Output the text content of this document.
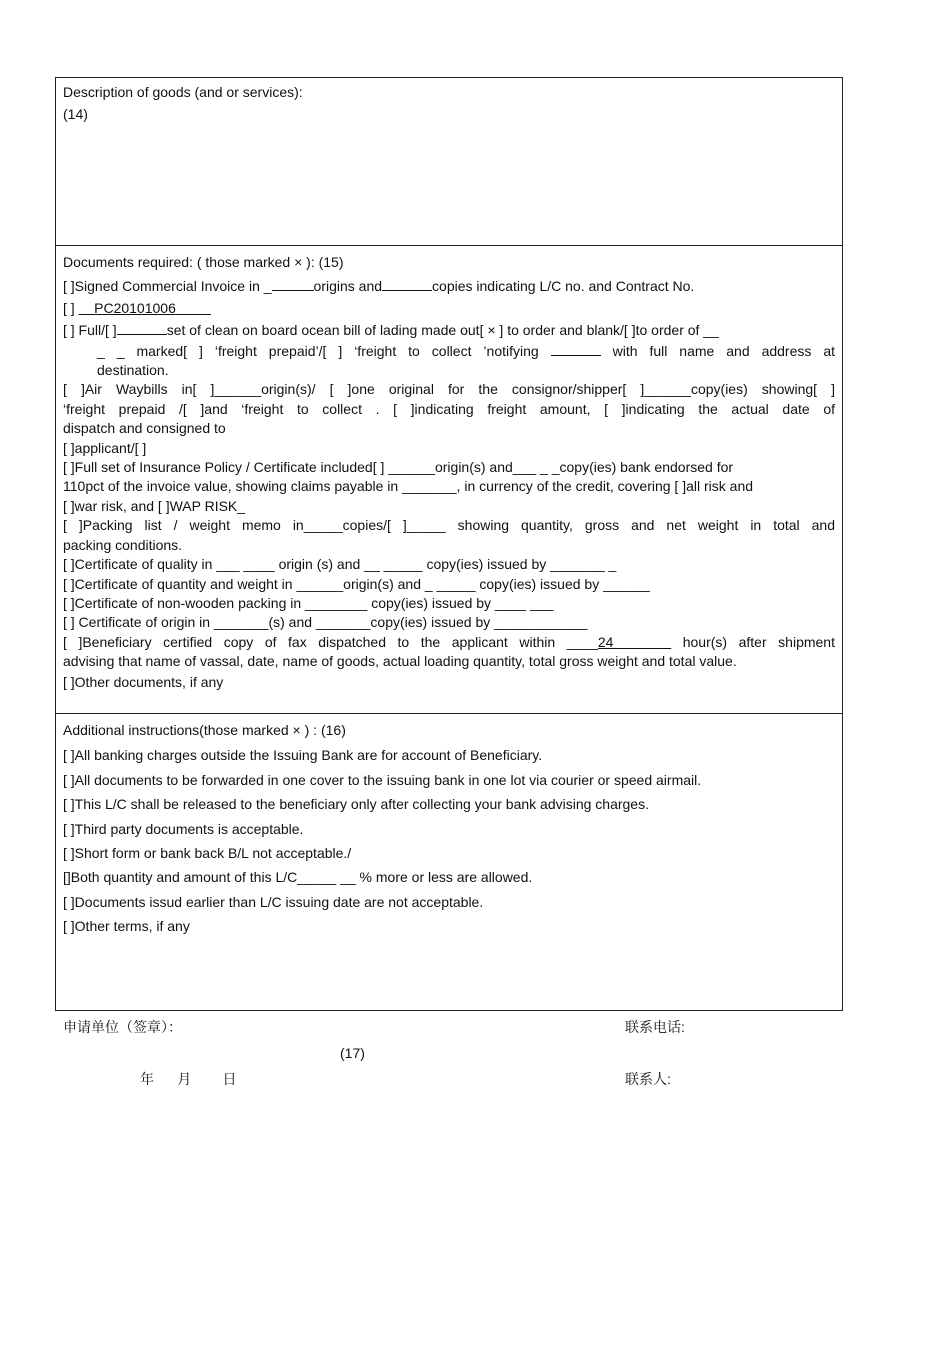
Description of goods (and or services):
(14)
Documents required: ( those marked × ): (15)
[ ]Signed Commercial Invoice in _	origins and	copies indicating L/C no. and Contract No.
[ ]     PC20101006
[ ] Full/[ ]	set of clean on board ocean bill of lading made out[ × ] to order and blank/[ ]to order of __
_ _ marked[ ] ‘freight prepaid’/[ ] ‘freight to collect ’notifying	with full name and address at
destination.
[ ]Air Waybills in[ ]______origin(s)/ [ ]one original for the consignor/shipper[ ]______copy(ies) showing[ ]
‘freight prepaid /[ ]and ‘freight to collect . [ ]indicating freight amount, [ ]indicating the actual date of
dispatch and consigned to
[ ]applicant/[ ]
[ ]Full set of Insurance Policy / Certificate included[ ] ______origin(s) and___ _ _copy(ies) bank endorsed for
110pct of the invoice value, showing claims payable in _______, in currency of the credit, covering [ ]all risk and
[ ]war risk, and [ ]WAP RISK_
[ ]Packing list / weight memo in_____copies/[ ]_____ showing quantity, gross and net weight in total and
packing conditions.
[ ]Certificate of quality in ___ ____ origin (s) and __ _____ copy(ies) issued by _______ _
[ ]Certificate of quantity and weight in ______origin(s) and _ _____ copy(ies) issued by ______
[ ]Certificate of non-wooden packing in ________ copy(ies) issued by ____ ___
[ ] Certificate of origin in _______(s) and _______copy(ies) issued by ____________
[ ]Beneficiary certified copy of fax dispatched to the applicant within ____24	hour(s) after shipment
advising that name of vassal, date, name of goods, actual loading quantity, total gross weight and total value.
[ ]Other documents, if any
Additional instructions(those marked × ) : (16)
[ ]All banking charges outside the Issuing Bank are for account of Beneficiary.
[ ]All documents to be forwarded in one cover to the issuing bank in one lot via courier or speed airmail.
[ ]This L/C shall be released to the beneficiary only after collecting your bank advising charges.
[ ]Third party documents is acceptable.
[ ]Short form or bank back B/L not acceptable./
[]Both quantity and amount of this L/C_____ __ % more or less are allowed.
[ ]Documents issud earlier than L/C issuing date are not acceptable.
[ ]Other terms, if any
申请单位（签章）：	联系电话:
(17)
年      月        日	联系人:
